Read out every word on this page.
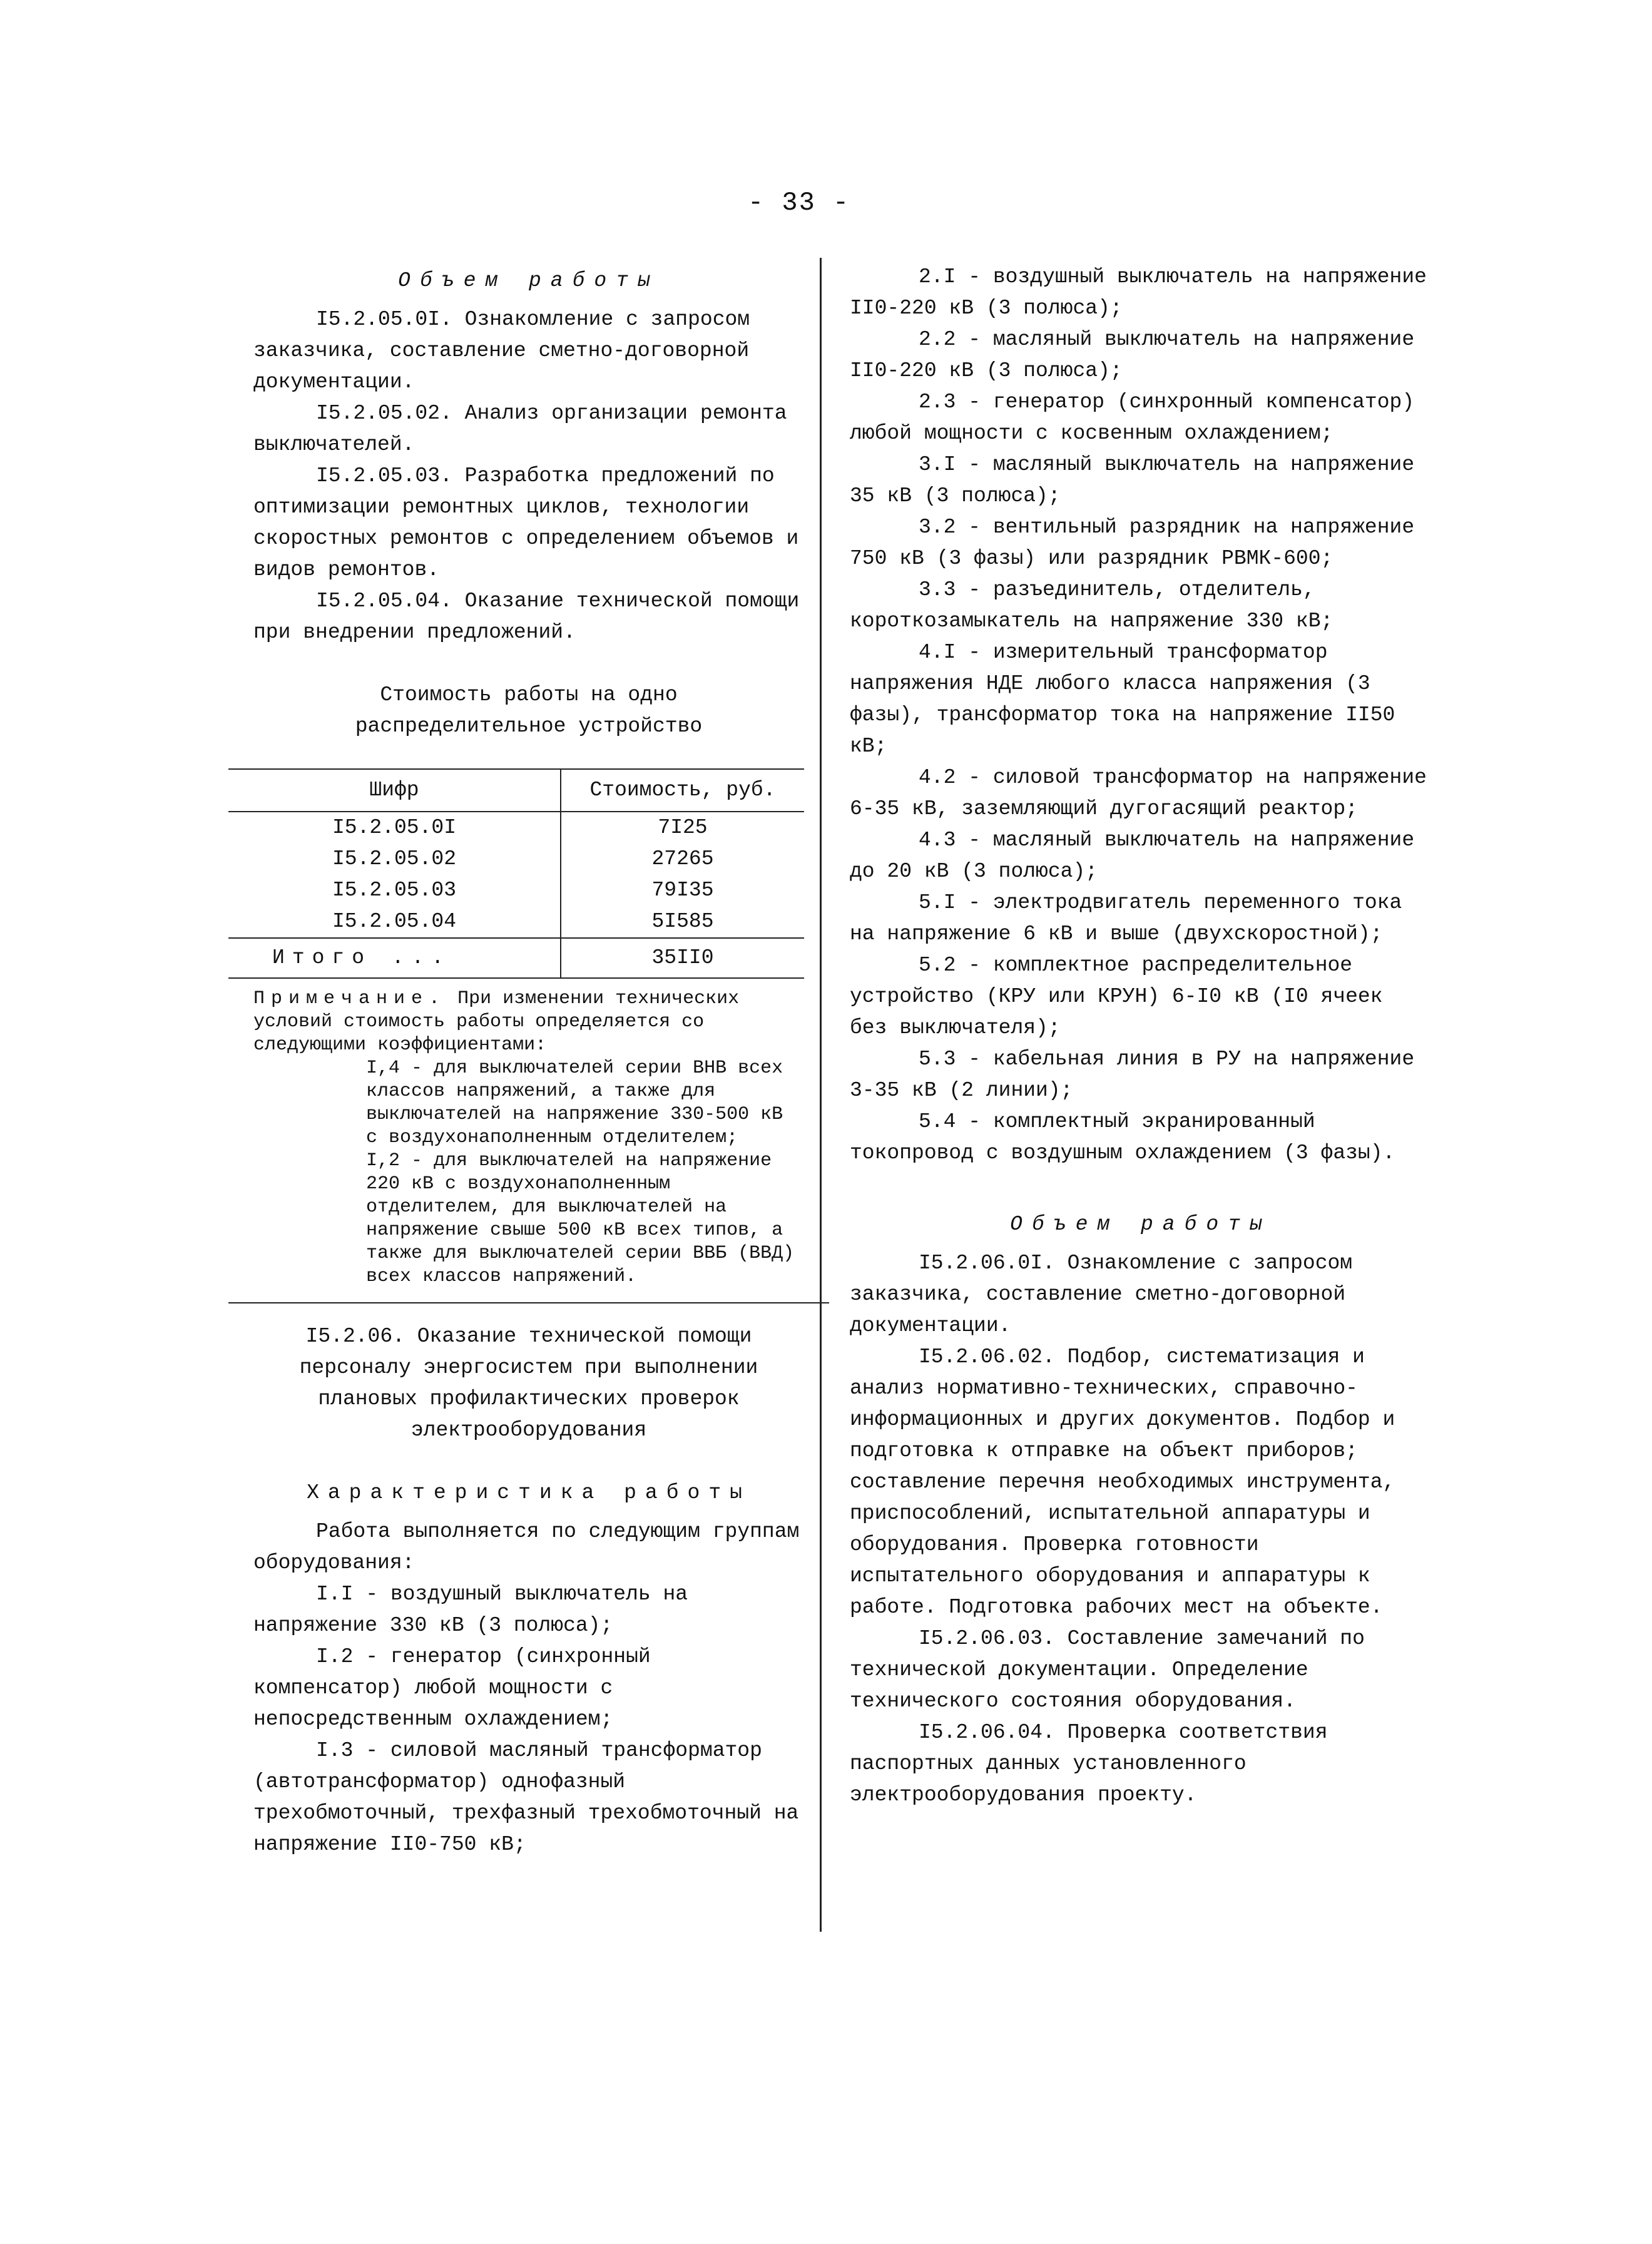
- 33 -
Объем работы

I5.2.05.0I. Ознакомление с запросом заказчика, составление сметно-договорной документации.

I5.2.05.02. Анализ организации ремонта выключателей.

I5.2.05.03. Разработка предложений по оптимизации ремонтных циклов, технологии скоростных ремонтов с определением объемов и видов ремонтов.

I5.2.05.04. Оказание технической помощи при внедрении предложений.

Стоимость работы на одно
распределительное устройство
Шифр	Стоимость, руб.
I5.2.05.0I	7I25
I5.2.05.02	27265
I5.2.05.03	79I35
I5.2.05.04	5I585
Итого ...	35II0
Примечание. При изменении технических условий стоимость работы определяется со следующими коэффициентами:

I,4 - для выключателей серии ВНВ всех классов напряжений, а также для выключателей на напряжение 330-500 кВ с воздухонаполненным отделителем;

I,2 - для выключателей на напряжение 220 кВ с воздухонаполненным отделителем, для выключателей на напряжение свыше 500 кВ всех типов, а также для выключателей серии ВВБ (ВВД) всех классов напряжений.

I5.2.06. Оказание технической помощи персоналу энергосистем при выполнении плановых профилактических проверок электрооборудования
Характеристика работы

Работа выполняется по следующим группам оборудования:

I.I - воздушный выключатель на напряжение 330 кВ (3 полюса);

I.2 - генератор (синхронный компенсатор) любой мощности с непосредственным охлаждением;

I.3 - силовой масляный трансформатор (автотрансформатор) однофазный трехобмоточный, трехфазный трехобмоточный на напряжение II0-750 кВ;

2.I - воздушный выключатель на напряжение II0-220 кВ (3 полюса);

2.2 - масляный выключатель на напряжение II0-220 кВ (3 полюса);

2.3 - генератор (синхронный компенсатор) любой мощности с косвенным охлаждением;

3.I - масляный выключатель на напряжение 35 кВ (3 полюса);

3.2 - вентильный разрядник на напряжение 750 кВ (3 фазы) или разрядник РВМК-600;

3.3 - разъединитель, отделитель, короткозамыкатель на напряжение 330 кВ;

4.I - измерительный трансформатор напряжения НДЕ любого класса напряжения (3 фазы), трансформатор тока на напряжение II50 кВ;

4.2 - силовой трансформатор на напряжение 6-35 кВ, заземляющий дугогасящий реактор;

4.3 - масляный выключатель на напряжение до 20 кВ (3 полюса);

5.I - электродвигатель переменного тока на напряжение 6 кВ и выше (двухскоростной);

5.2 - комплектное распределительное устройство (КРУ или КРУН) 6-I0 кВ (I0 ячеек без выключателя);

5.3 - кабельная линия в РУ на напряжение 3-35 кВ (2 линии);

5.4 - комплектный экранированный токопровод с воздушным охлаждением (3 фазы).

Объем работы

I5.2.06.0I. Ознакомление с запросом заказчика, составление сметно-договорной документации.

I5.2.06.02. Подбор, систематизация и анализ нормативно-технических, справочно-информационных и других документов. Подбор и подготовка к отправке на объект приборов; составление перечня необходимых инструмента, приспособлений, испытательной аппаратуры и оборудования. Проверка готовности испытательного оборудования и аппаратуры к работе. Подготовка рабочих мест на объекте.

I5.2.06.03. Составление замечаний по технической документации. Определение технического состояния оборудования.

I5.2.06.04. Проверка соответствия паспортных данных установленного электрооборудования проекту.
